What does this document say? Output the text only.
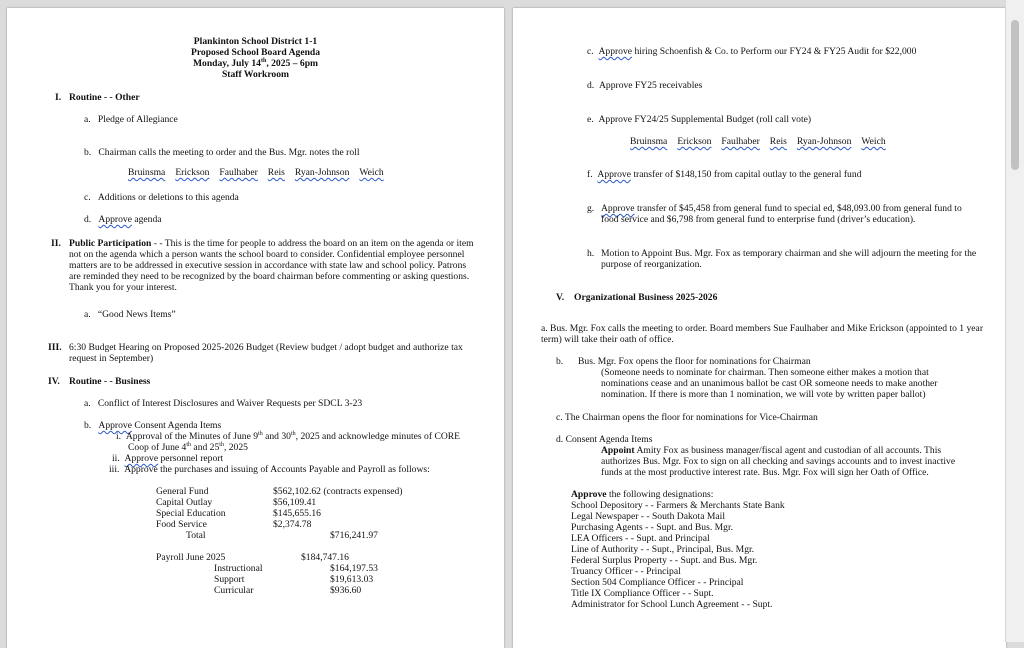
Plankinton School District 1-1
Proposed School Board Agenda
Monday, July 14th, 2025 – 6pm
Staff Workroom
I. Routine - - Other
a.   Pledge of Allegiance
b.   Chairman calls the meeting to order and the Bus. Mgr. notes the roll
Bruinsma Erickson Faulhaber Reis Ryan-Johnson Weich
c.   Additions or deletions to this agenda
d.   Approve agenda
II. Public Participation - - This is the time for people to address the board on an item on the agenda or item not on the agenda which a person wants the school board to consider. Confidential employee personnel matters are to be addressed in executive session in accordance with state law and school policy. Patrons are reminded they need to be recognized by the board chairman before commenting or asking questions. Thank you for your interest.
a.   “Good News Items”
III. 6:30 Budget Hearing on Proposed 2025-2026 Budget (Review budget / adopt budget and authorize tax request in September)
IV. Routine - - Business
a.   Conflict of Interest Disclosures and Waiver Requests per SDCL 3-23
b.   Approve Consent Agenda Items
i.  Approval of the Minutes of June 9th and 30th, 2025 and acknowledge minutes of CORE
Coop of June 4th and 25th, 2025
ii.  Approve personnel report
iii.  Approve the purchases and issuing of Accounts Payable and Payroll as follows:
General Fund	$562,102.62 (contracts expensed)
Capital Outlay	$56,109.41
Special Education	$145,655.16
Food Service	$2,374.78
Total	$716,241.97
Payroll June 2025	$184,747.16
Instructional	$164,197.53
Support	$19,613.03
Curricular	$936.60
c. Approve hiring Schoenfish & Co. to Perform our FY24 & FY25 Audit for $22,000
d. Approve FY25 receivables
e. Approve FY24/25 Supplemental Budget (roll call vote)
Bruinsma Erickson Faulhaber Reis Ryan-Johnson Weich
f. Approve transfer of $148,150 from capital outlay to the general fund
g. Approve transfer of $45,458 from general fund to special ed, $48,093.00 from general fund to food service and $6,798 from general fund to enterprise fund (driver’s education).
h. Motion to Appoint Bus. Mgr. Fox as temporary chairman and she will adjourn the meeting for the purpose of reorganization.
V. Organizational Business 2025-2026
a. Bus. Mgr. Fox calls the meeting to order. Board members Sue Faulhaber and Mike Erickson (appointed to 1 year term) will take their oath of office.
b. Bus. Mgr. Fox opens the floor for nominations for Chairman
(Someone needs to nominate for chairman. Then someone either makes a motion that
nominations cease and an unanimous ballot be cast OR someone needs to make another
nomination. If there is more than 1 nomination, we will vote by written paper ballot)
c. The Chairman opens the floor for nominations for Vice-Chairman
d. Consent Agenda Items
Appoint Amity Fox as business manager/fiscal agent and custodian of all accounts. This authorizes Bus. Mgr. Fox to sign on all checking and savings accounts and to invest inactive funds at the most productive interest rate. Bus. Mgr. Fox will sign her Oath of Office.
Approve the following designations:
School Depository - - Farmers & Merchants State Bank
Legal Newspaper - - South Dakota Mail
Purchasing Agents - - Supt. and Bus. Mgr.
LEA Officers - - Supt. and Principal
Line of Authority - - Supt., Principal, Bus. Mgr.
Federal Surplus Property - - Supt. and Bus. Mgr.
Truancy Officer - - Principal
Section 504 Compliance Officer - - Principal
Title IX Compliance Officer - - Supt.
Administrator for School Lunch Agreement - - Supt.
